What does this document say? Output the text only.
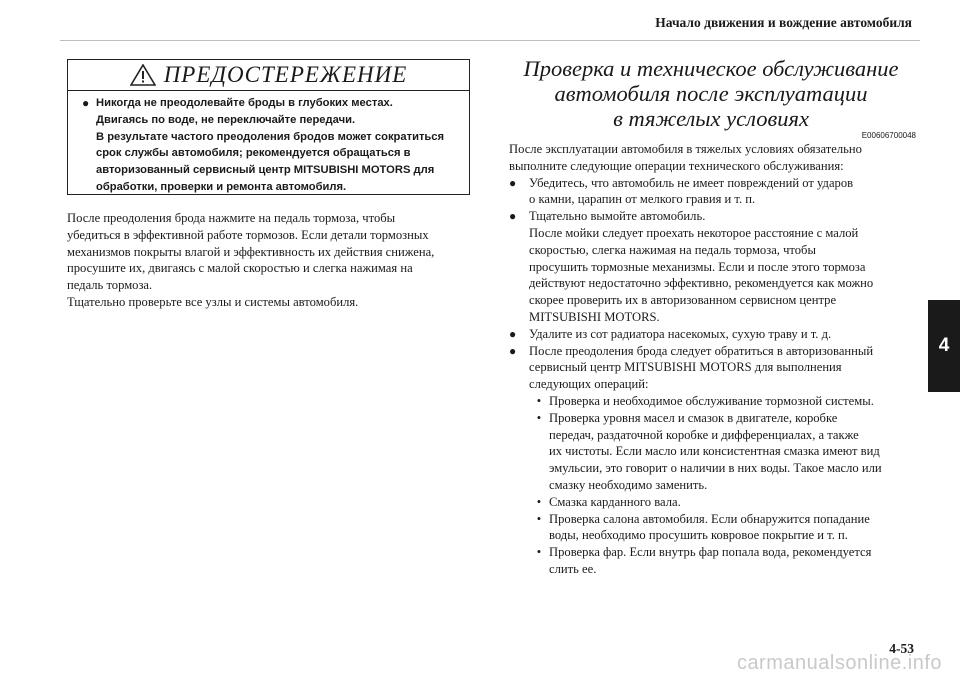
Начало движения и вождение автомобиля
4
ПРЕДОСТЕРЕЖЕНИЕ
● Никогда не преодолевайте броды в глубоких местах.
Двигаясь по воде, не переключайте передачи.
В результате частого преодоления бродов может сократиться
срок службы автомобиля; рекомендуется обращаться в
авторизованный сервисный центр MITSUBISHI MOTORS для
обработки, проверки и ремонта автомобиля.
После преодоления брода нажмите на педаль тормоза, чтобы
убедиться в эффективной работе тормозов. Если детали тормозных
механизмов покрыты влагой и эффективность их действия снижена,
просушите их, двигаясь с малой скоростью и слегка нажимая на
педаль тормоза.
Тщательно проверьте все узлы и системы автомобиля.
Проверка и техническое обслуживание
автомобиля после эксплуатации
в тяжелых условиях
E00606700048
После эксплуатации автомобиля в тяжелых условиях обязательно
выполните следующие операции технического обслуживания:
●	Убедитесь, что автомобиль не имеет повреждений от ударов
о камни, царапин от мелкого гравия и т. п.
●	Тщательно вымойте автомобиль.
После мойки следует проехать некоторое расстояние с малой
скоростью, слегка нажимая на педаль тормоза, чтобы
просушить тормозные механизмы. Если и после этого тормоза
действуют недостаточно эффективно, рекомендуется как можно
скорее проверить их в авторизованном сервисном центре
MITSUBISHI MOTORS.
●	Удалите из сот радиатора насекомых, сухую траву и т. д.
●	После преодоления брода следует обратиться в авторизованный
сервисный центр MITSUBISHI MOTORS для выполнения
следующих операций:
• Проверка и необходимое обслуживание тормозной системы.
• Проверка уровня масел и смазок в двигателе, коробке
передач, раздаточной коробке и дифференциалах, а также
их чистоты. Если масло или консистентная смазка имеют вид
эмульсии, это говорит о наличии в них воды. Такое масло или
смазку необходимо заменить.
• Смазка карданного вала.
• Проверка салона автомобиля. Если обнаружится попадание
воды, необходимо просушить ковровое покрытие и т. п.
• Проверка фар. Если внутрь фар попала вода, рекомендуется
слить ее.
4-53
carmanualsonline.info
